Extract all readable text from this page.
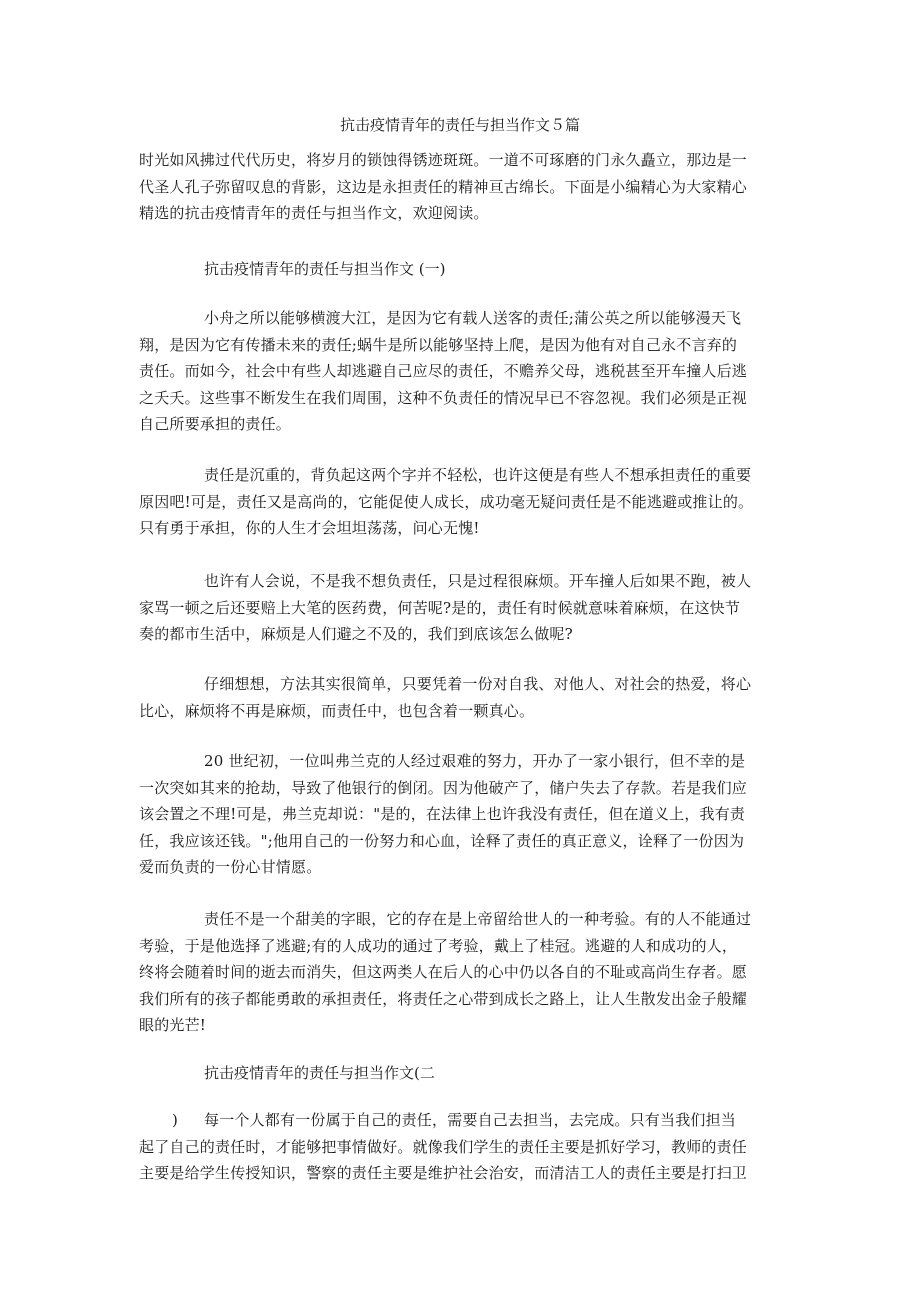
抗击疫情青年的责任与担当作文５篇
时光如风拂过代代历史，将岁月的锁蚀得锈迹斑斑。一道不可琢磨的门永久矗立，那边是一
代圣人孔子弥留叹息的背影，这边是永担责任的精神亘古绵长。下面是小编精心为大家精心
精选的抗击疫情青年的责任与担当作文，欢迎阅读。
抗击疫情青年的责任与担当作文 (一)
小舟之所以能够横渡大江，是因为它有载人送客的责任;蒲公英之所以能够漫天飞
翔，是因为它有传播未来的责任;蜗牛是所以能够坚持上爬，是因为他有对自己永不言弃的
责任。而如今，社会中有些人却逃避自己应尽的责任，不赡养父母，逃税甚至开车撞人后逃
之夭夭。这些事不断发生在我们周围，这种不负责任的情况早已不容忽视。我们必须是正视
自己所要承担的责任。
责任是沉重的，背负起这两个字并不轻松，也许这便是有些人不想承担责任的重要
原因吧!可是，责任又是高尚的，它能促使人成长，成功毫无疑问责任是不能逃避或推让的。
只有勇于承担，你的人生才会坦坦荡荡，问心无愧!
也许有人会说，不是我不想负责任，只是过程很麻烦。开车撞人后如果不跑，被人
家骂一顿之后还要赔上大笔的医药费，何苦呢?是的，责任有时候就意味着麻烦，在这快节
奏的都市生活中，麻烦是人们避之不及的，我们到底该怎么做呢?
仔细想想，方法其实很简单，只要凭着一份对自我、对他人、对社会的热爱，将心
比心，麻烦将不再是麻烦，而责任中，也包含着一颗真心。
20 世纪初，一位叫弗兰克的人经过艰难的努力，开办了一家小银行，但不幸的是
一次突如其来的抢劫，导致了他银行的倒闭。因为他破产了，储户失去了存款。若是我们应
该会置之不理!可是，弗兰克却说："是的，在法律上也许我没有责任，但在道义上，我有责
任，我应该还钱。";他用自己的一份努力和心血，诠释了责任的真正意义，诠释了一份因为
爱而负责的一份心甘情愿。
责任不是一个甜美的字眼，它的存在是上帝留给世人的一种考验。有的人不能通过
考验，于是他选择了逃避;有的人成功的通过了考验，戴上了桂冠。逃避的人和成功的人，
终将会随着时间的逝去而消失，但这两类人在后人的心中仍以各自的不耻或高尚生存者。愿
我们所有的孩子都能勇敢的承担责任，将责任之心带到成长之路上，让人生散发出金子般耀
眼的光芒!
抗击疫情青年的责任与担当作文(二
)	每一个人都有一份属于自己的责任，需要自己去担当，去完成。只有当我们担当
起了自己的责任时，才能够把事情做好。就像我们学生的责任主要是抓好学习，教师的责任
主要是给学生传授知识，警察的责任主要是维护社会治安，而清洁工人的责任主要是打扫卫
